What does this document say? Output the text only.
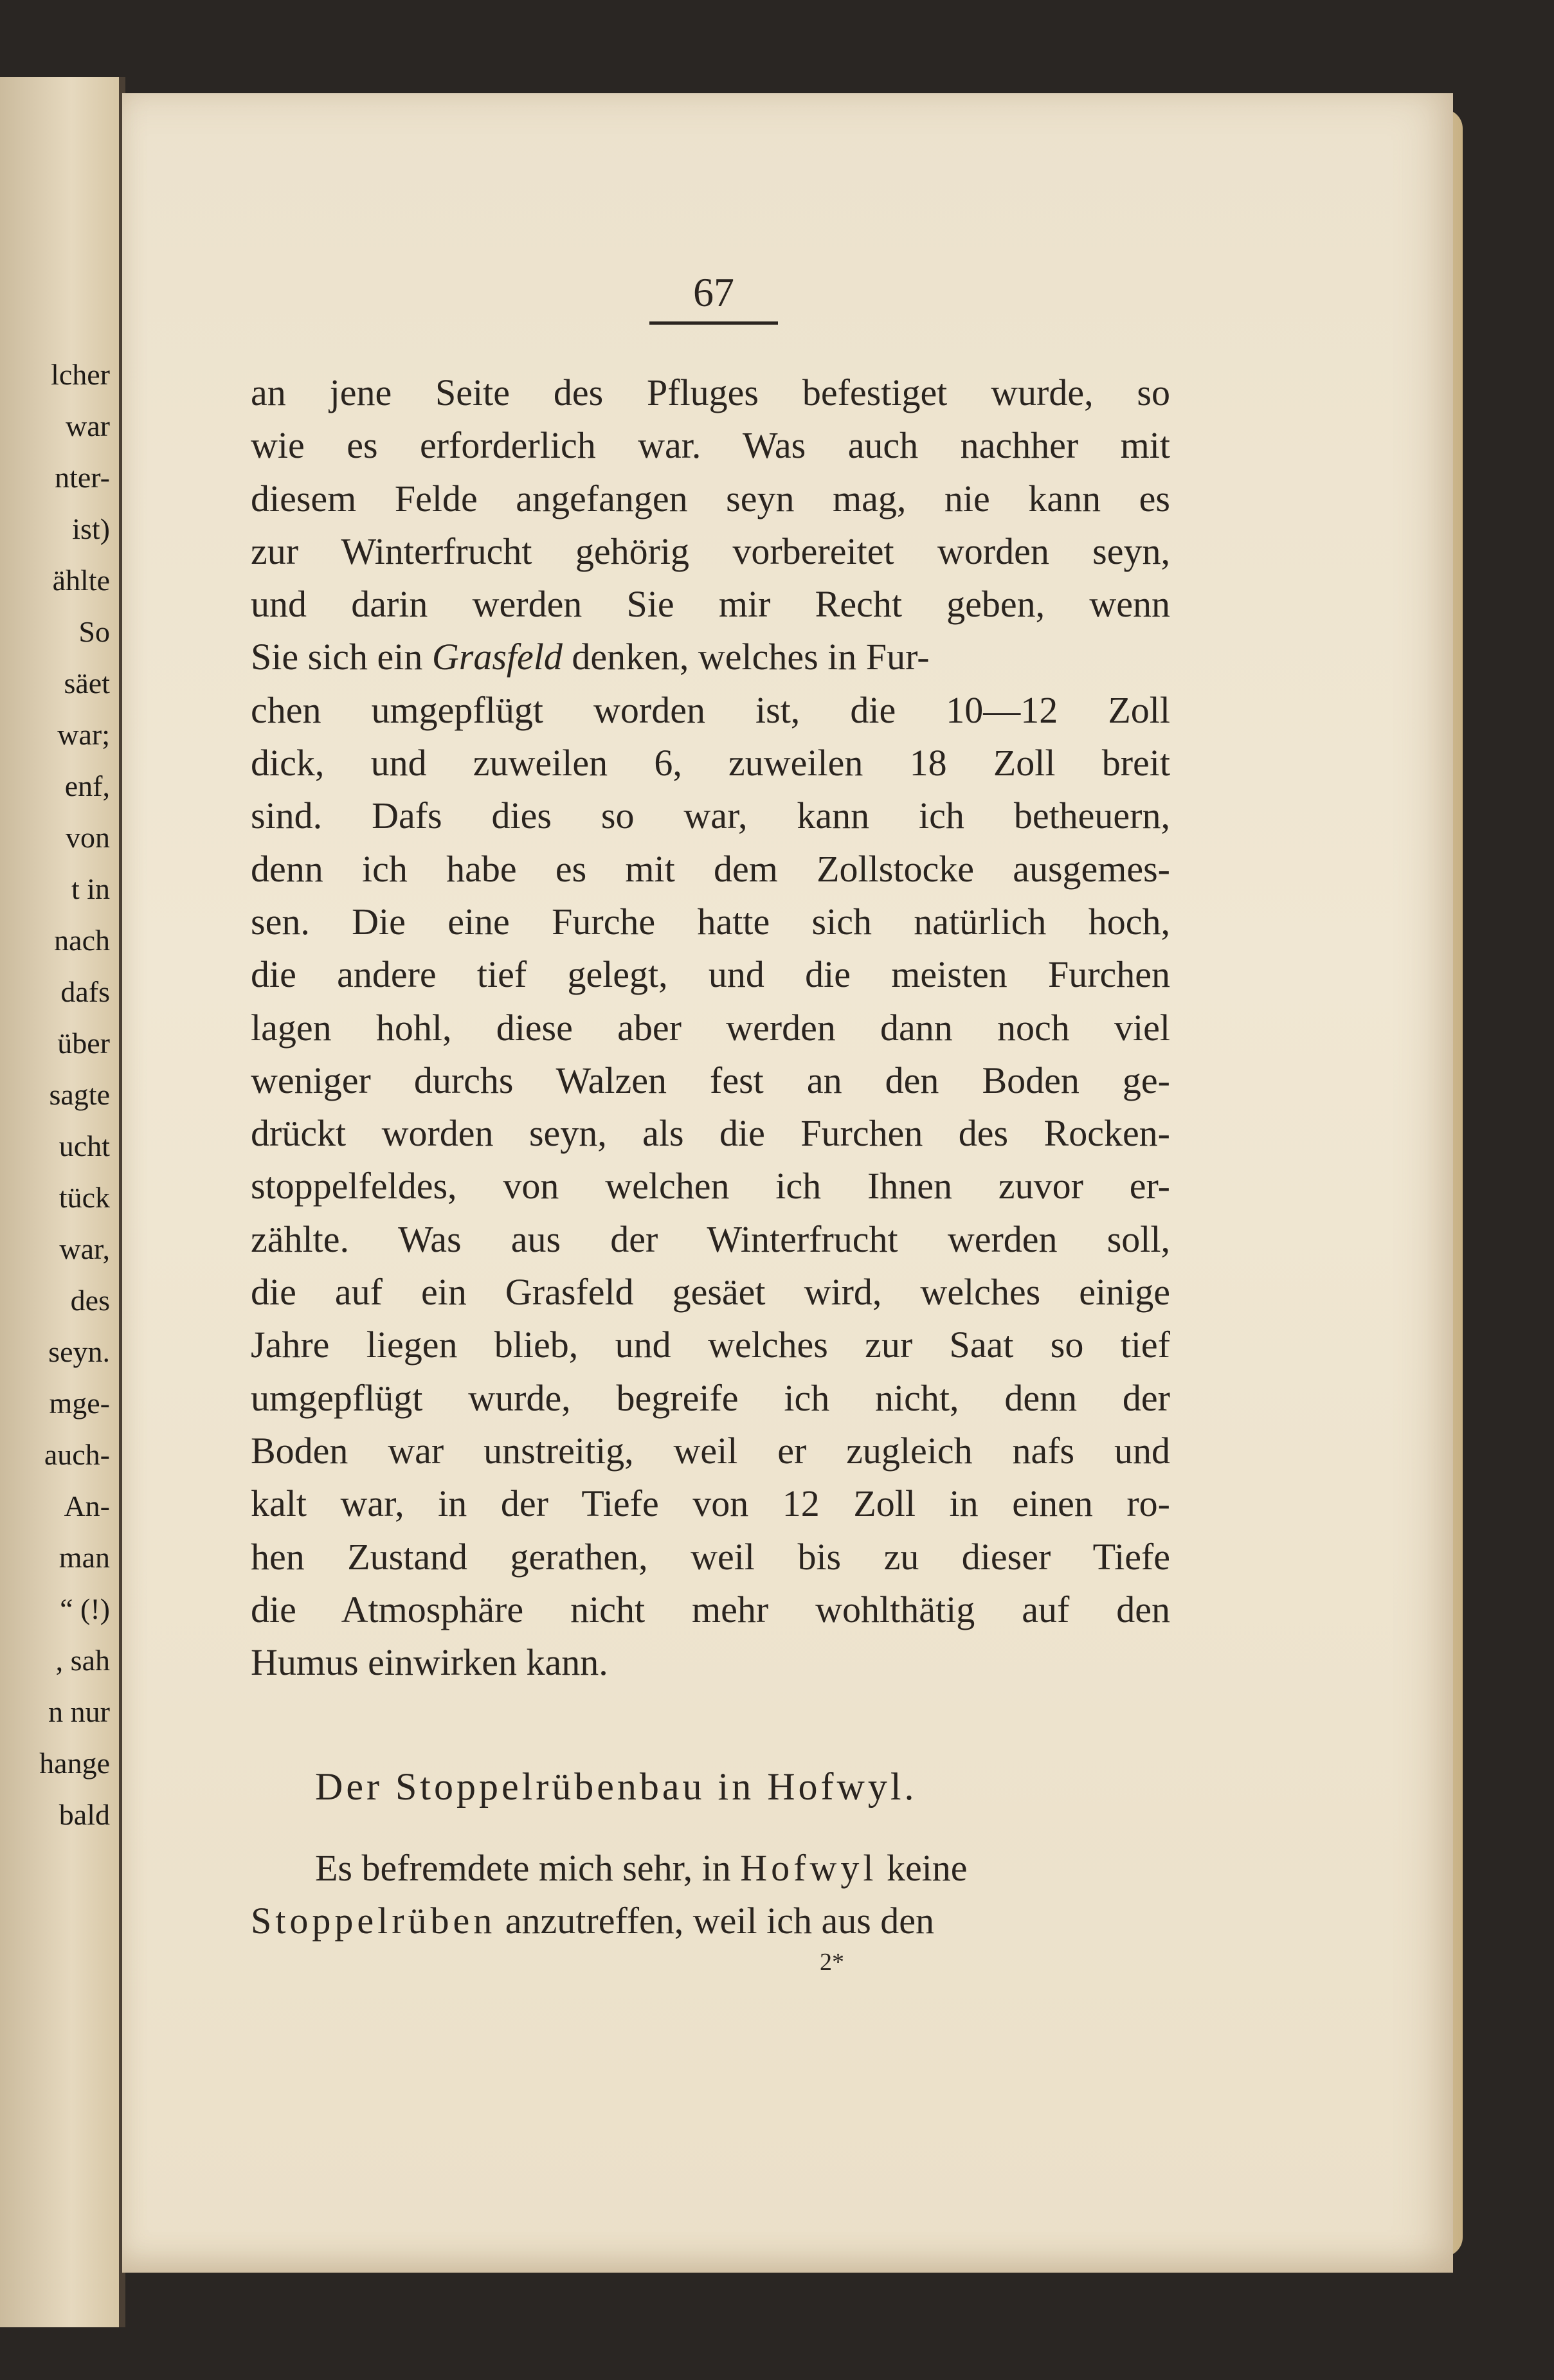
lcher
war
nter-
ist)
ählte
So
säet
war;
enf,
von
t in
nach
dafs
über
sagte
ucht
tück
war,
des
seyn.
mge-
auch-
An-
man
“ (!)
, sah
n nur
hange
bald
67
an jene Seite des Pfluges befestiget wurde, so
wie es erforderlich war. Was auch nachher mit
diesem Felde angefangen seyn mag, nie kann es
zur Winterfrucht gehörig vorbereitet worden seyn,
und darin werden Sie mir Recht geben, wenn
Sie sich ein Grasfeld denken, welches in Fur-
chen umgepflügt worden ist, die 10—12 Zoll
dick, und zuweilen 6, zuweilen 18 Zoll breit
sind. Dafs dies so war, kann ich betheuern,
denn ich habe es mit dem Zollstocke ausgemes-
sen. Die eine Furche hatte sich natürlich hoch,
die andere tief gelegt, und die meisten Furchen
lagen hohl, diese aber werden dann noch viel
weniger durchs Walzen fest an den Boden ge-
drückt worden seyn, als die Furchen des Rocken-
stoppelfeldes, von welchen ich Ihnen zuvor er-
zählte. Was aus der Winterfrucht werden soll,
die auf ein Grasfeld gesäet wird, welches einige
Jahre liegen blieb, und welches zur Saat so tief
umgepflügt wurde, begreife ich nicht, denn der
Boden war unstreitig, weil er zugleich nafs und
kalt war, in der Tiefe von 12 Zoll in einen ro-
hen Zustand gerathen, weil bis zu dieser Tiefe
die Atmosphäre nicht mehr wohlthätig auf den
Humus einwirken kann.
Der Stoppelrübenbau in Hofwyl.
Es befremdete mich sehr, in Hofwyl keine
Stoppelrüben anzutreffen, weil ich aus den
2*
